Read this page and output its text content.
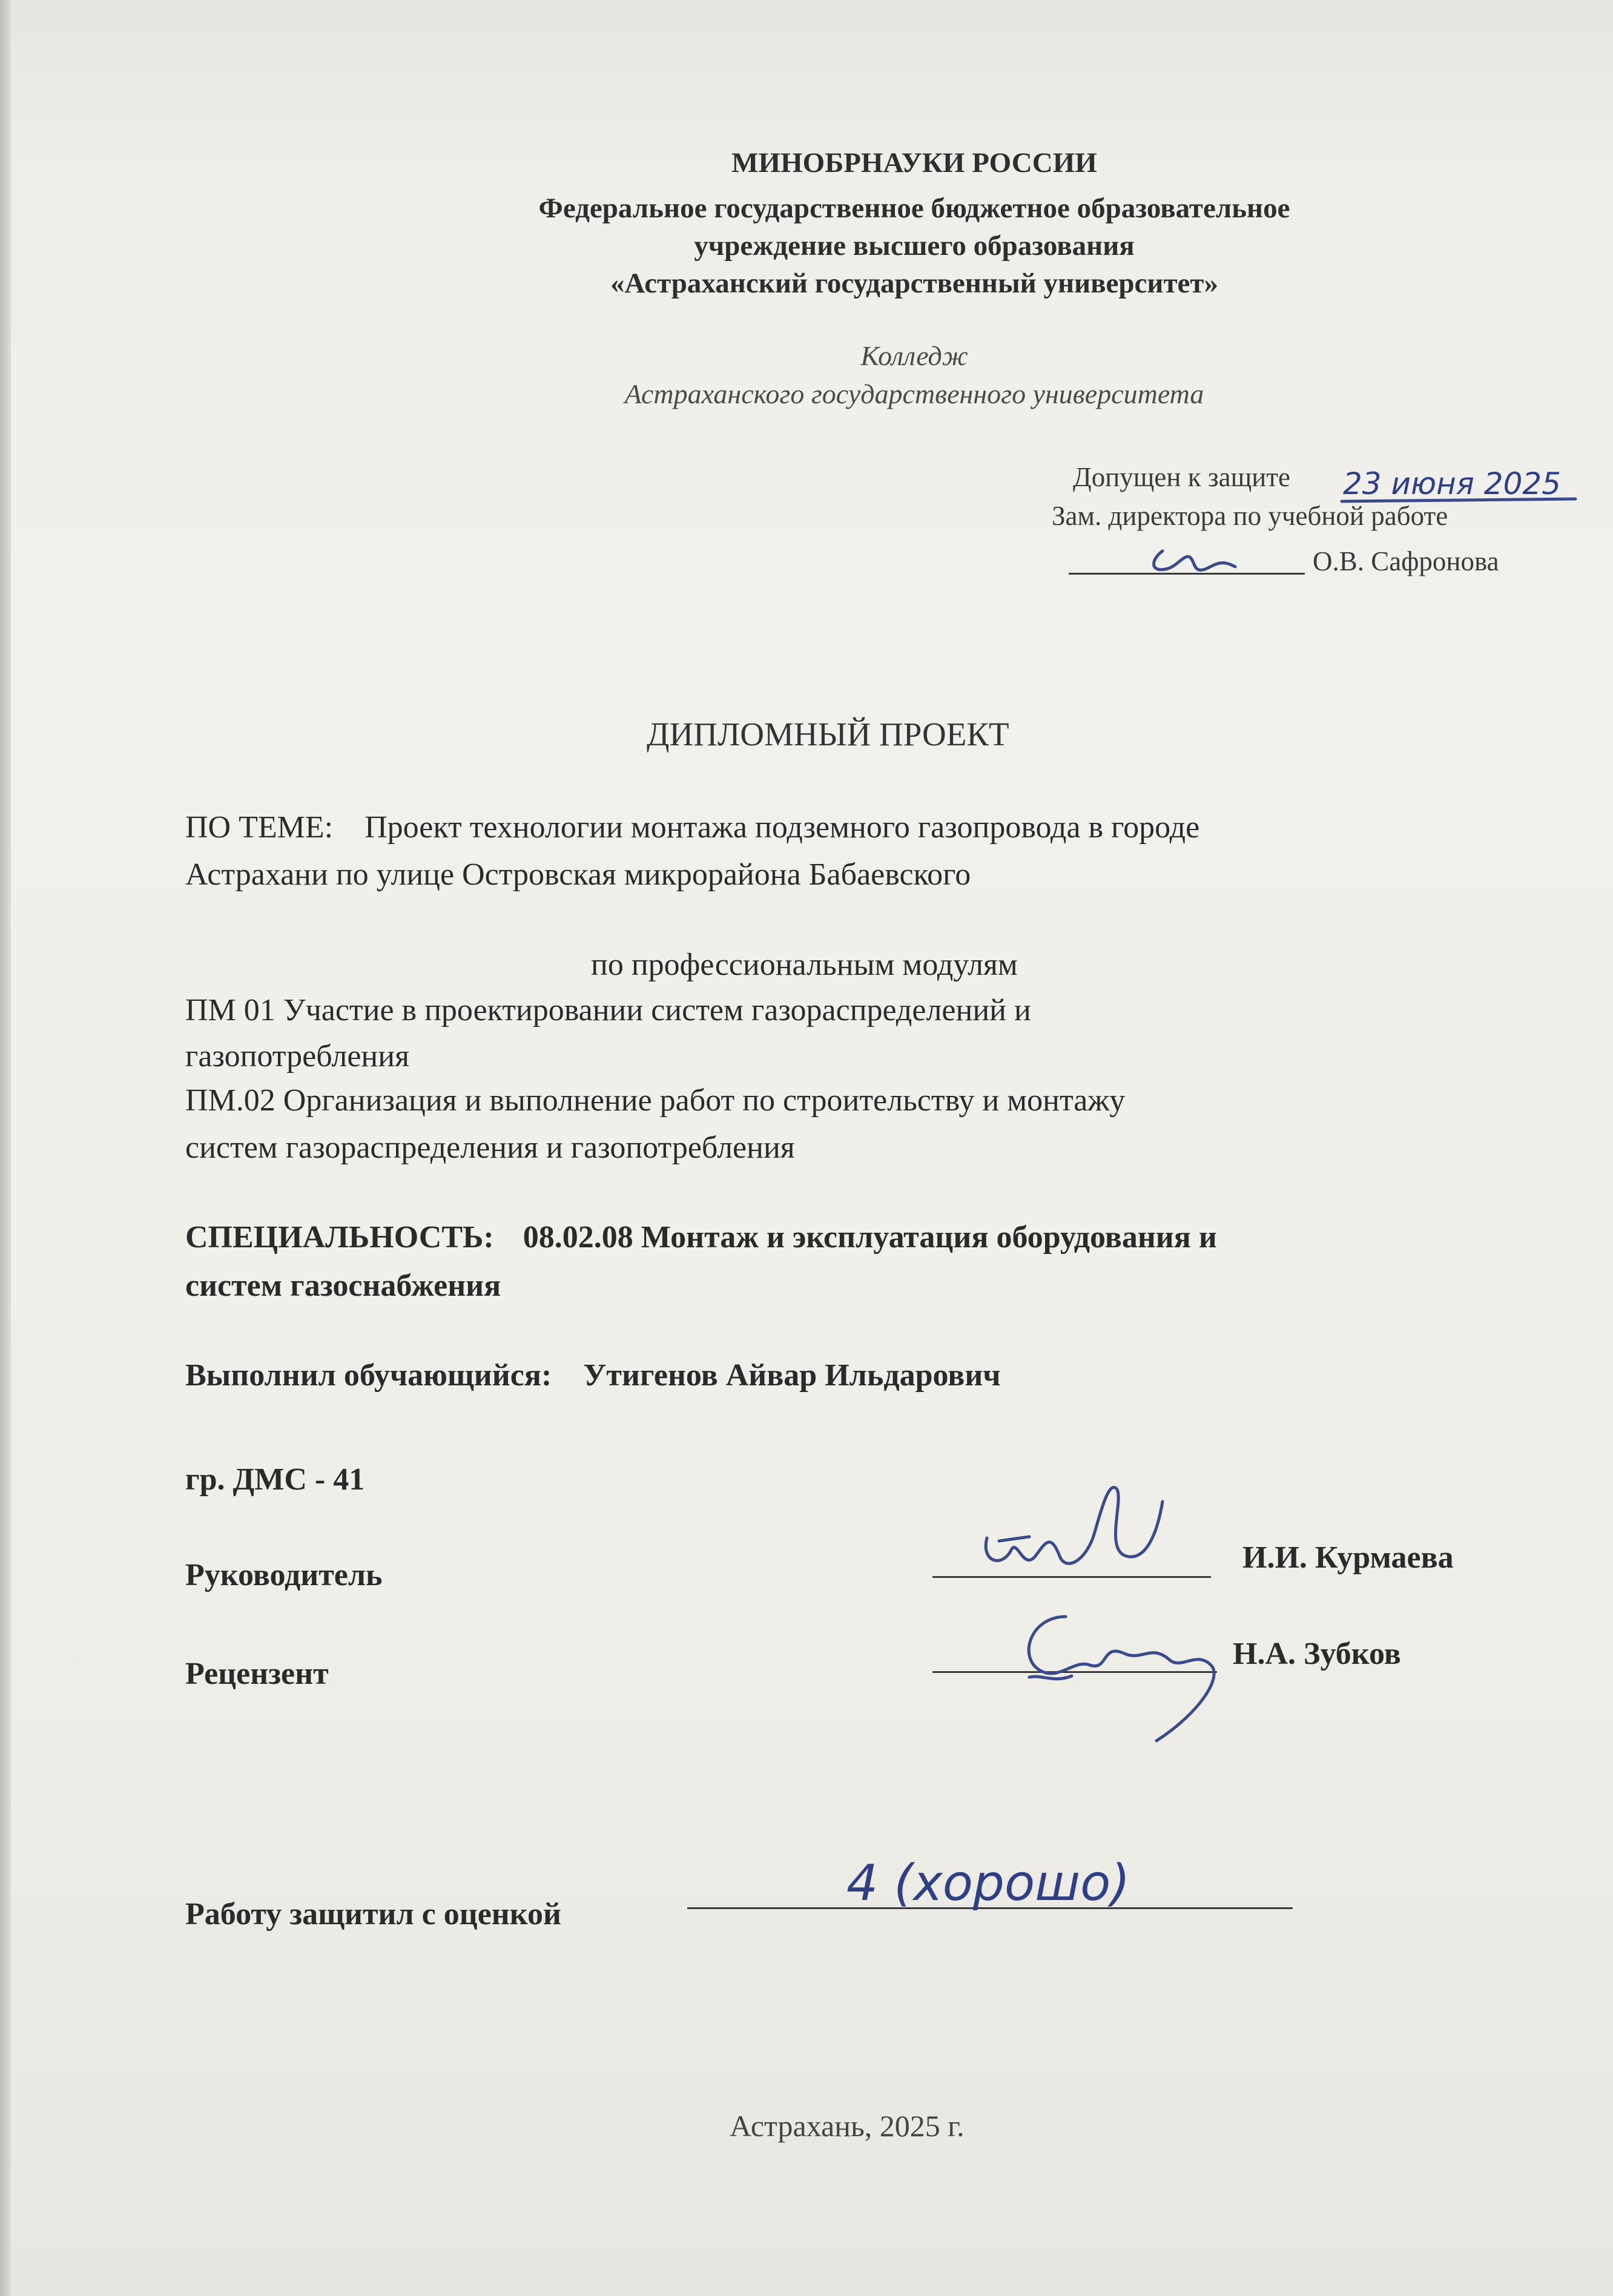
МИНОБРНАУКИ РОССИИ
Федеральное государственное бюджетное образовательное
учреждение высшего образования
«Астраханский государственный университет»
Колледж
Астраханского государственного университета
Допущен к защите 23 июня 2025
Зам. директора по учебной работе
О.В. Сафронова
ДИПЛОМНЫЙ ПРОЕКТ
ПО ТЕМЕ: Проект технологии монтажа подземного газопровода в городе
Астрахани по улице Островская микрорайона Бабаевского
по профессиональным модулям
ПМ 01 Участие в проектировании систем газораспределений и
газопотребления
ПМ.02 Организация и выполнение работ по строительству и монтажу
систем газораспределения и газопотребления
СПЕЦИАЛЬНОСТЬ: 08.02.08 Монтаж и эксплуатация оборудования и
систем газоснабжения
Выполнил обучающийся: Утигенов Айвар Ильдарович
гр. ДМС - 41
Руководитель
И.И. Курмаева
Рецензент
Н.А. Зубков
Работу защитил с оценкой
4 (хорошо)
Астрахань, 2025 г.
